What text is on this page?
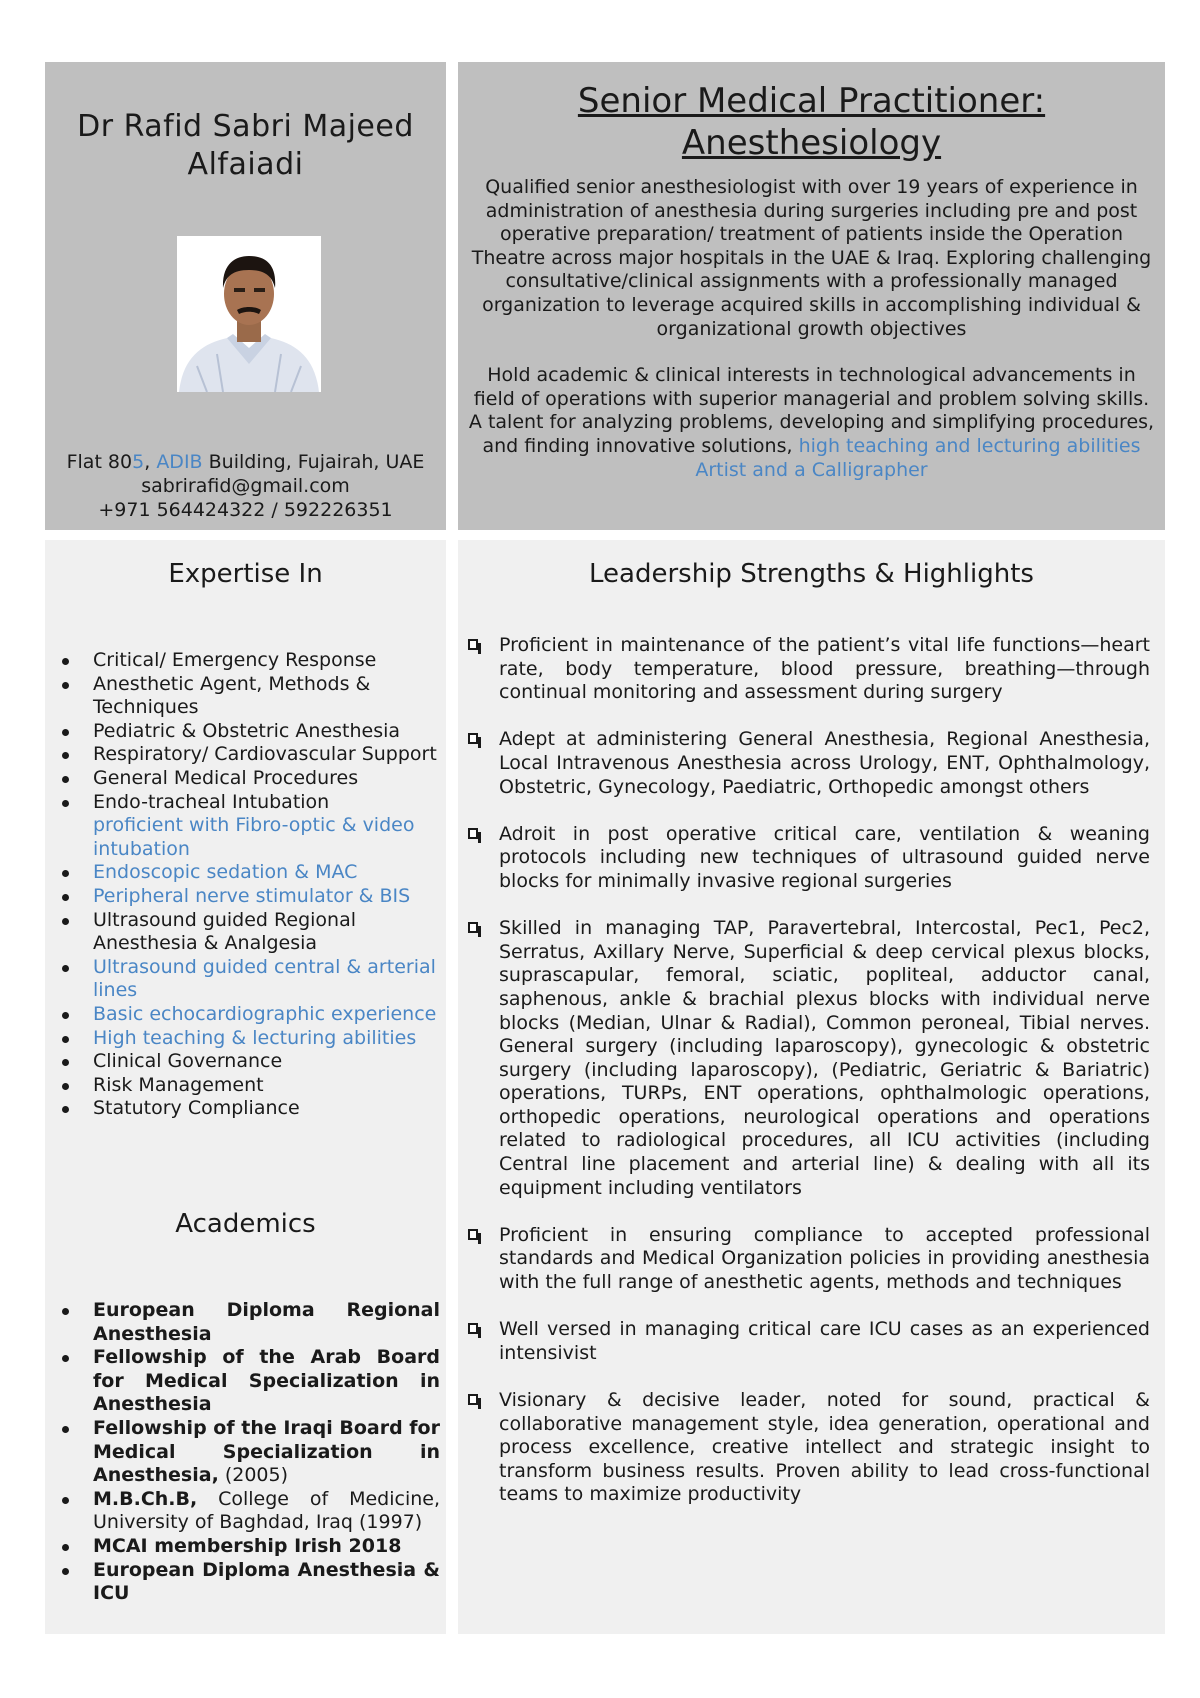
Dr Rafid Sabri Majeed Alfaiadi
Flat 805, ADIB Building, Fujairah, UAE
sabrirafid@gmail.com
+971 564424322 / 592226351
Senior Medical Practitioner:
Anesthesiology

Qualified senior anesthesiologist with over 19 years of experience in administration of anesthesia during surgeries including pre and post operative preparation/ treatment of patients inside the Operation Theatre across major hospitals in the UAE & Iraq. Exploring challenging consultative/clinical assignments with a professionally managed organization to leverage acquired skills in accomplishing individual & organizational growth objectives

Hold academic & clinical interests in technological advancements in field of operations with superior managerial and problem solving skills. A talent for analyzing problems, developing and simplifying procedures, and finding innovative solutions, high teaching and lecturing abilities

Artist and a Calligrapher

Expertise In
Critical/ Emergency Response
Anesthetic Agent, Methods & Techniques
Pediatric & Obstetric Anesthesia
Respiratory/ Cardiovascular Support
General Medical Procedures
Endo-tracheal Intubation
proficient with Fibro-optic & video intubation
Endoscopic sedation & MAC
Peripheral nerve stimulator & BIS
Ultrasound guided Regional Anesthesia & Analgesia
Ultrasound guided central & arterial lines
Basic echocardiographic experience
High teaching & lecturing abilities
Clinical Governance
Risk Management
Statutory Compliance
Academics
European Diploma Regional Anesthesia
Fellowship of the Arab Board for Medical Specialization in Anesthesia
Fellowship of the Iraqi Board for Medical Specialization in Anesthesia, (2005)
M.B.Ch.B, College of Medicine, University of Baghdad, Iraq (1997)
MCAI membership Irish 2018
European Diploma Anesthesia & ICU
Leadership Strengths & Highlights
Proficient in maintenance of the patient’s vital life functions—heart rate, body temperature, blood pressure, breathing—through continual monitoring and assessment during surgery
Adept at administering General Anesthesia, Regional Anesthesia, Local Intravenous Anesthesia across Urology, ENT, Ophthalmology, Obstetric, Gynecology, Paediatric, Orthopedic amongst others
Adroit in post operative critical care, ventilation & weaning protocols including new techniques of ultrasound guided nerve blocks for minimally invasive regional surgeries
Skilled in managing TAP, Paravertebral, Intercostal, Pec1, Pec2, Serratus, Axillary Nerve, Superficial & deep cervical plexus blocks, suprascapular, femoral, sciatic, popliteal, adductor canal, saphenous, ankle & brachial plexus blocks with individual nerve blocks (Median, Ulnar & Radial), Common peroneal, Tibial nerves. General surgery (including laparoscopy), gynecologic & obstetric surgery (including laparoscopy), (Pediatric, Geriatric & Bariatric) operations, TURPs, ENT operations, ophthalmologic operations, orthopedic operations, neurological operations and operations related to radiological procedures, all ICU activities (including Central line placement and arterial line) & dealing with all its equipment including ventilators
Proficient in ensuring compliance to accepted professional standards and Medical Organization policies in providing anesthesia with the full range of anesthetic agents, methods and techniques
Well versed in managing critical care ICU cases as an experienced intensivist
Visionary & decisive leader, noted for sound, practical & collaborative management style, idea generation, operational and process excellence, creative intellect and strategic insight to transform business results. Proven ability to lead cross-functional teams to maximize productivity
